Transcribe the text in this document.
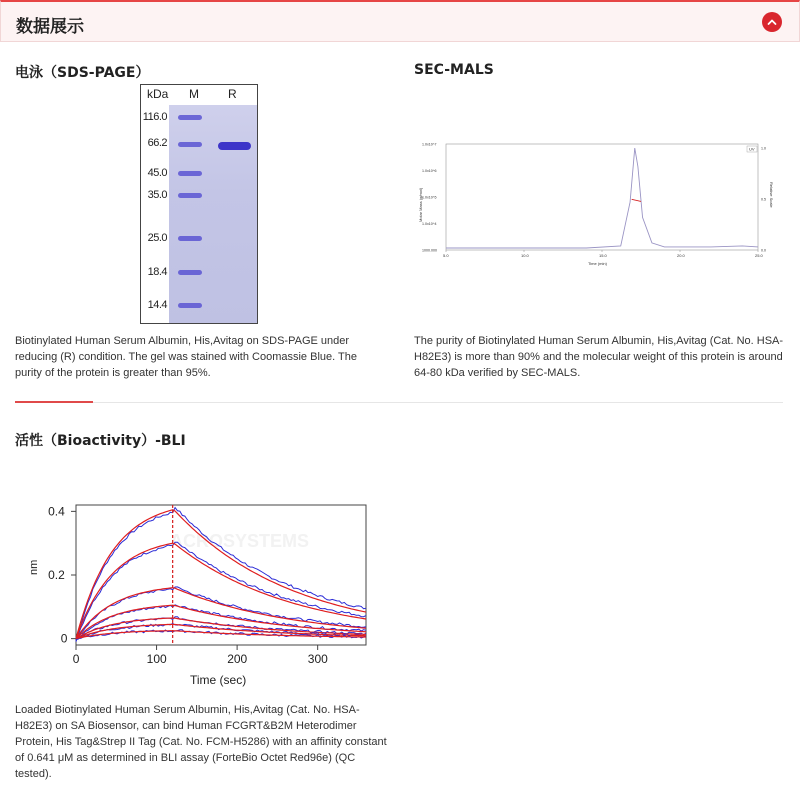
数据展示
电泳（SDS-PAGE）
kDa M R
116.0
66.2
45.0
35.0
25.0
18.4
14.4
Biotinylated Human Serum Albumin, His,Avitag on SDS-PAGE under reducing (R) condition. The gel was stained with Coomassie Blue. The purity of the protein is greater than 95%.
SEC-MALS
Molar Mass (g/mol)	Relative Scale
Time (min)
5.0	10.0	15.0	20.0	25.0
1000.000
1.0x10^4
1.0x10^5
1.0x10^6
1.0x10^7
0.0
0.5
1.0
UV
The purity of Biotinylated Human Serum Albumin, His,Avitag (Cat. No. HSA-H82E3) is more than 90% and the molecular weight of this protein is around 64-80 kDa verified by SEC-MALS.
活性（Bioactivity）-BLI
ACROSYSTEMS
0	100	200	300
0
0.2
0.4
nm
Time (sec)
Loaded Biotinylated Human Serum Albumin, His,Avitag (Cat. No. HSA-H82E3) on SA Biosensor, can bind Human FCGRT&B2M Heterodimer Protein, His Tag&Strep II Tag (Cat. No. FCM-H5286) with an affinity constant of 0.641 μM as determined in BLI assay (ForteBio Octet Red96e) (QC tested).
